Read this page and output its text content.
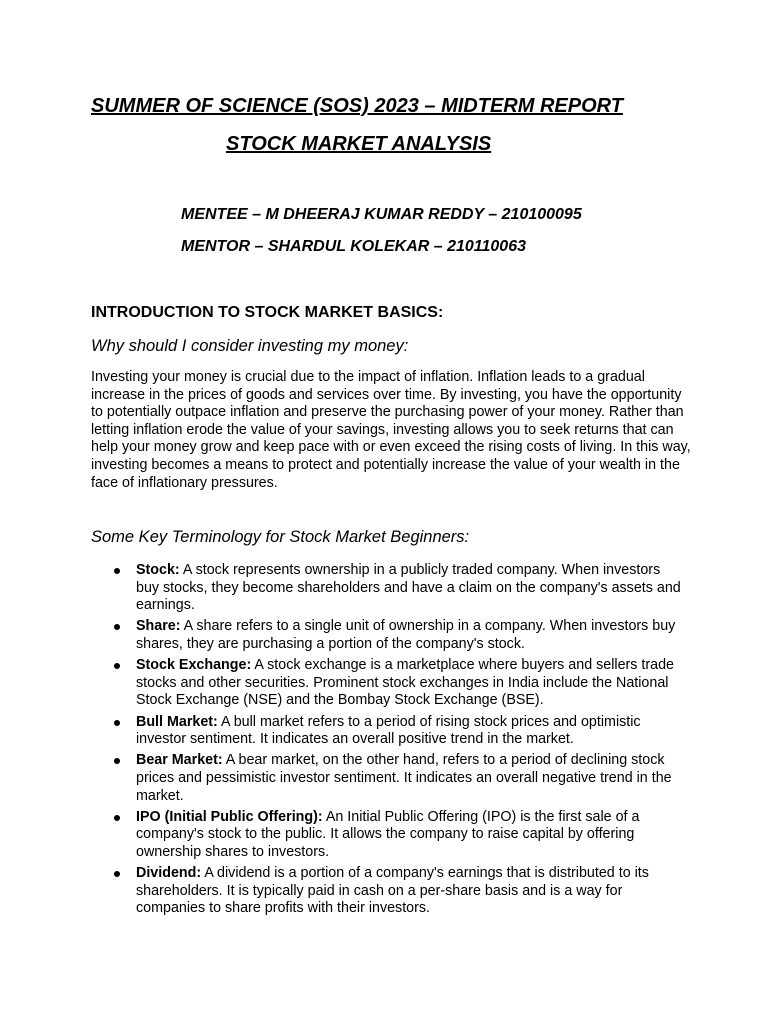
SUMMER OF SCIENCE (SOS) 2023 – MIDTERM REPORT
STOCK MARKET ANALYSIS

MENTEE – M DHEERAJ KUMAR REDDY – 210100095

MENTOR – SHARDUL KOLEKAR – 210110063

INTRODUCTION TO STOCK MARKET BASICS:
Why should I consider investing my money:

Investing your money is crucial due to the impact of inflation. Inflation leads to a gradual increase in the prices of goods and services over time. By investing, you have the opportunity to potentially outpace inflation and preserve the purchasing power of your money. Rather than letting inflation erode the value of your savings, investing allows you to seek returns that can help your money grow and keep pace with or even exceed the rising costs of living. In this way, investing becomes a means to protect and potentially increase the value of your wealth in the face of inflationary pressures.

Some Key Terminology for Stock Market Beginners:
Stock: A stock represents ownership in a publicly traded company. When investors buy stocks, they become shareholders and have a claim on the company's assets and earnings.
Share: A share refers to a single unit of ownership in a company. When investors buy shares, they are purchasing a portion of the company's stock.
Stock Exchange: A stock exchange is a marketplace where buyers and sellers trade stocks and other securities. Prominent stock exchanges in India include the National Stock Exchange (NSE) and the Bombay Stock Exchange (BSE).
Bull Market: A bull market refers to a period of rising stock prices and optimistic investor sentiment. It indicates an overall positive trend in the market.
Bear Market: A bear market, on the other hand, refers to a period of declining stock prices and pessimistic investor sentiment. It indicates an overall negative trend in the market.
IPO (Initial Public Offering): An Initial Public Offering (IPO) is the first sale of a company's stock to the public. It allows the company to raise capital by offering ownership shares to investors.
Dividend: A dividend is a portion of a company's earnings that is distributed to its shareholders. It is typically paid in cash on a per-share basis and is a way for companies to share profits with their investors.
